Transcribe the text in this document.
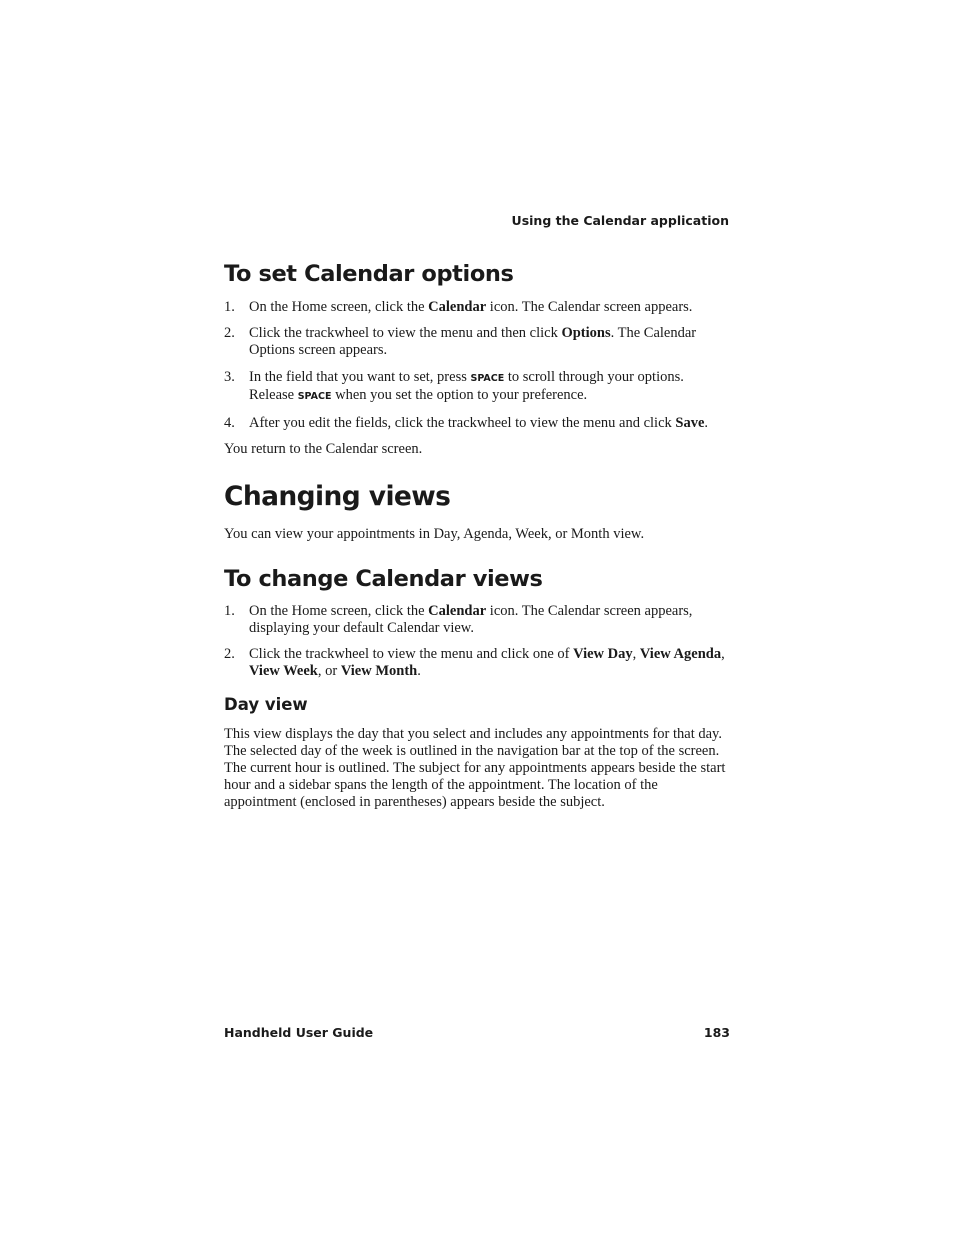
Using the Calendar application
To set Calendar options
1. On the Home screen, click the Calendar icon. The Calendar screen appears.
2. Click the trackwheel to view the menu and then click Options. The Calendar Options screen appears.
3. In the field that you want to set, press SPACE to scroll through your options. Release SPACE when you set the option to your preference.
4. After you edit the fields, click the trackwheel to view the menu and click Save.

You return to the Calendar screen.

Changing views

You can view your appointments in Day, Agenda, Week, or Month view.

To change Calendar views
1. On the Home screen, click the Calendar icon. The Calendar screen appears, displaying your default Calendar view.
2. Click the trackwheel to view the menu and click one of View Day, View Agenda, View Week, or View Month.
Day view

This view displays the day that you select and includes any appointments for that day. The selected day of the week is outlined in the navigation bar at the top of the screen. The current hour is outlined. The subject for any appointments appears beside the start hour and a sidebar spans the length of the appointment. The location of the appointment (enclosed in parentheses) appears beside the subject.

Handheld User Guide	183
